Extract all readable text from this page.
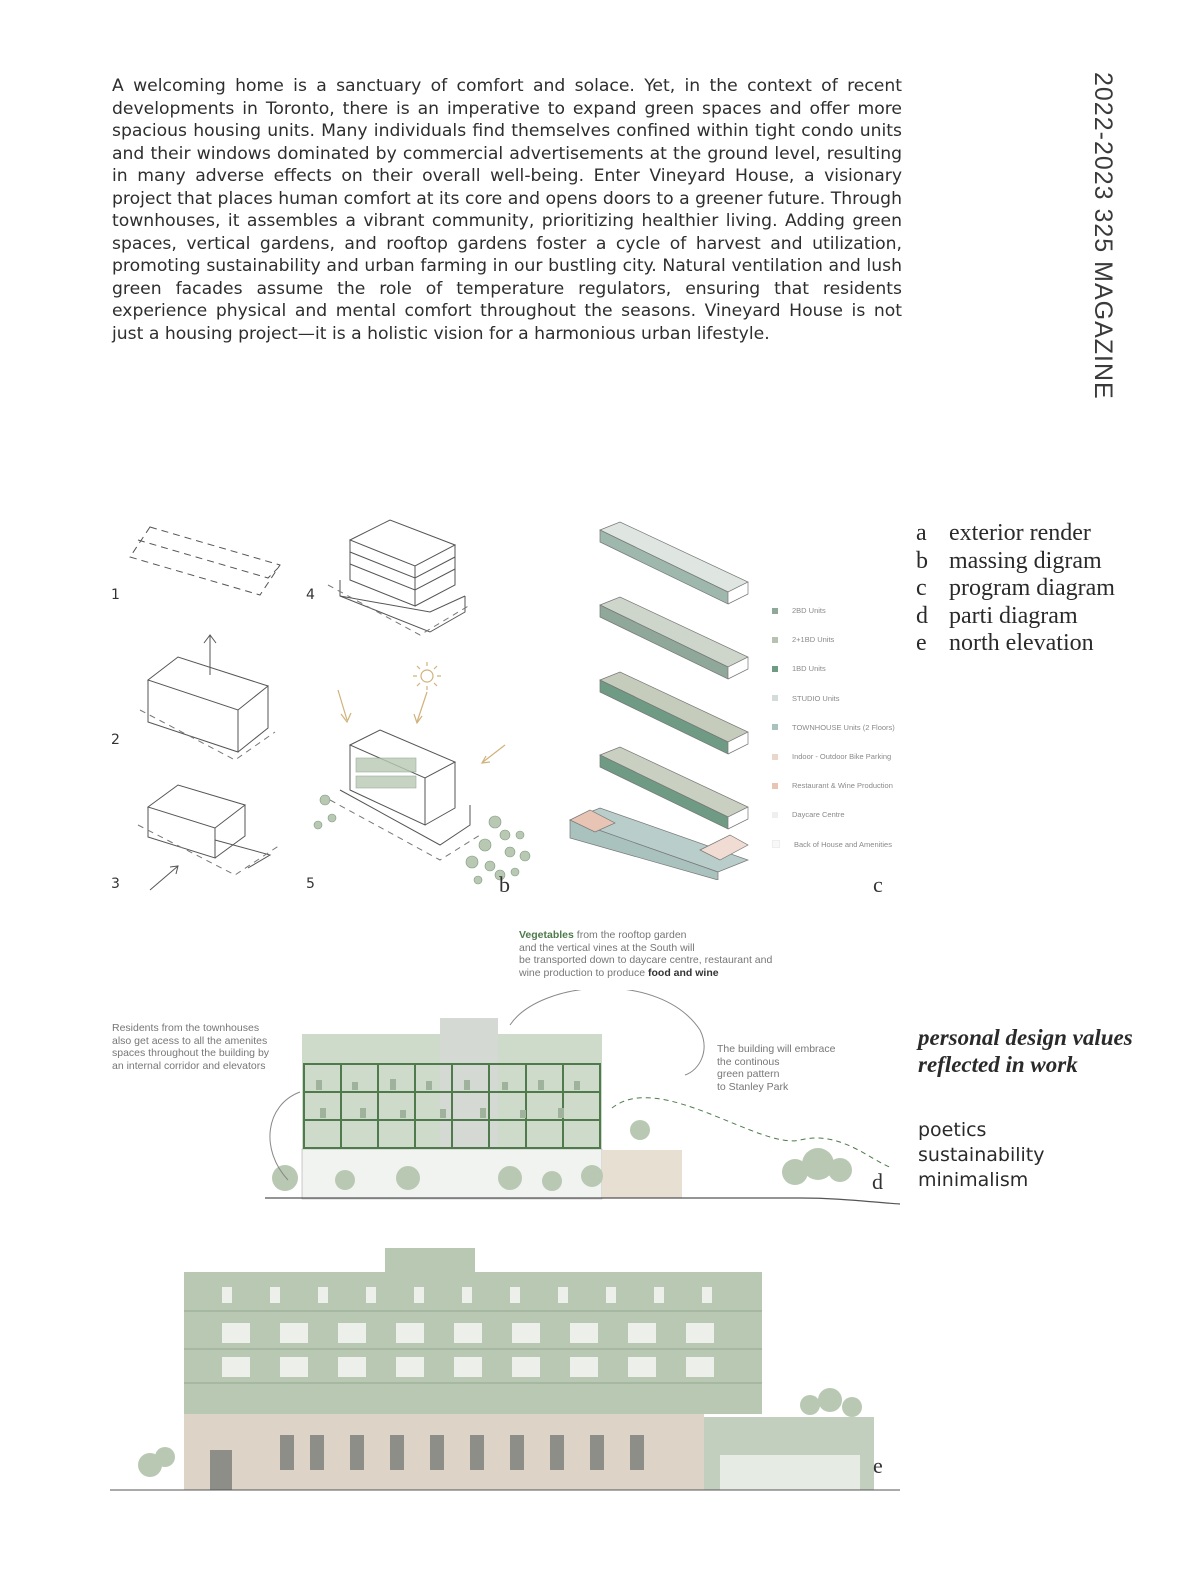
A welcoming home is a sanctuary of comfort and solace. Yet, in the context of recent developments in Toronto, there is an imperative to expand green spaces and offer more spacious housing units. Many individuals find themselves confined within tight condo units and their windows dominated by commercial advertisements at the ground level, resulting in many adverse effects on their overall well-being. Enter Vineyard House, a visionary project that places human comfort at its core and opens doors to a greener future. Through townhouses, it assembles a vibrant community, prioritizing healthier living. Adding green spaces, vertical gardens, and rooftop gardens foster a cycle of harvest and utilization, promoting sustainability and urban farming in our bustling city. Natural ventilation and lush green facades assume the role of temperature regulators, ensuring that residents experience physical and mental comfort throughout the seasons. Vineyard House is not just a housing project—it is a holistic vision for a harmonious urban lifestyle.	2022-2023 325 MAGAZINE
a exterior render
b massing digram
c program diagram
d parti diagram
e north elevation
personal design values reflected in work
poetics
sustainability
minimalism
1
2
3
4
5	b
2BD Units
2+1BD Units
1BD Units
STUDIO Units
TOWNHOUSE Units (2 Floors)
Indoor - Outdoor Bike Parking
Restaurant & Wine Production
Daycare Centre
Back of House and Amenities
c
Residents from the townhouses
also get acess to all the amenites
spaces throughout the building by
an internal corridor and elevators
The building will embrace
the continous
green pattern
to Stanley Park
d
Vegetables from the rooftop garden
and the vertical vines at the South will
be transported down to daycare centre, restaurant and
wine production to produce food and wine
e
